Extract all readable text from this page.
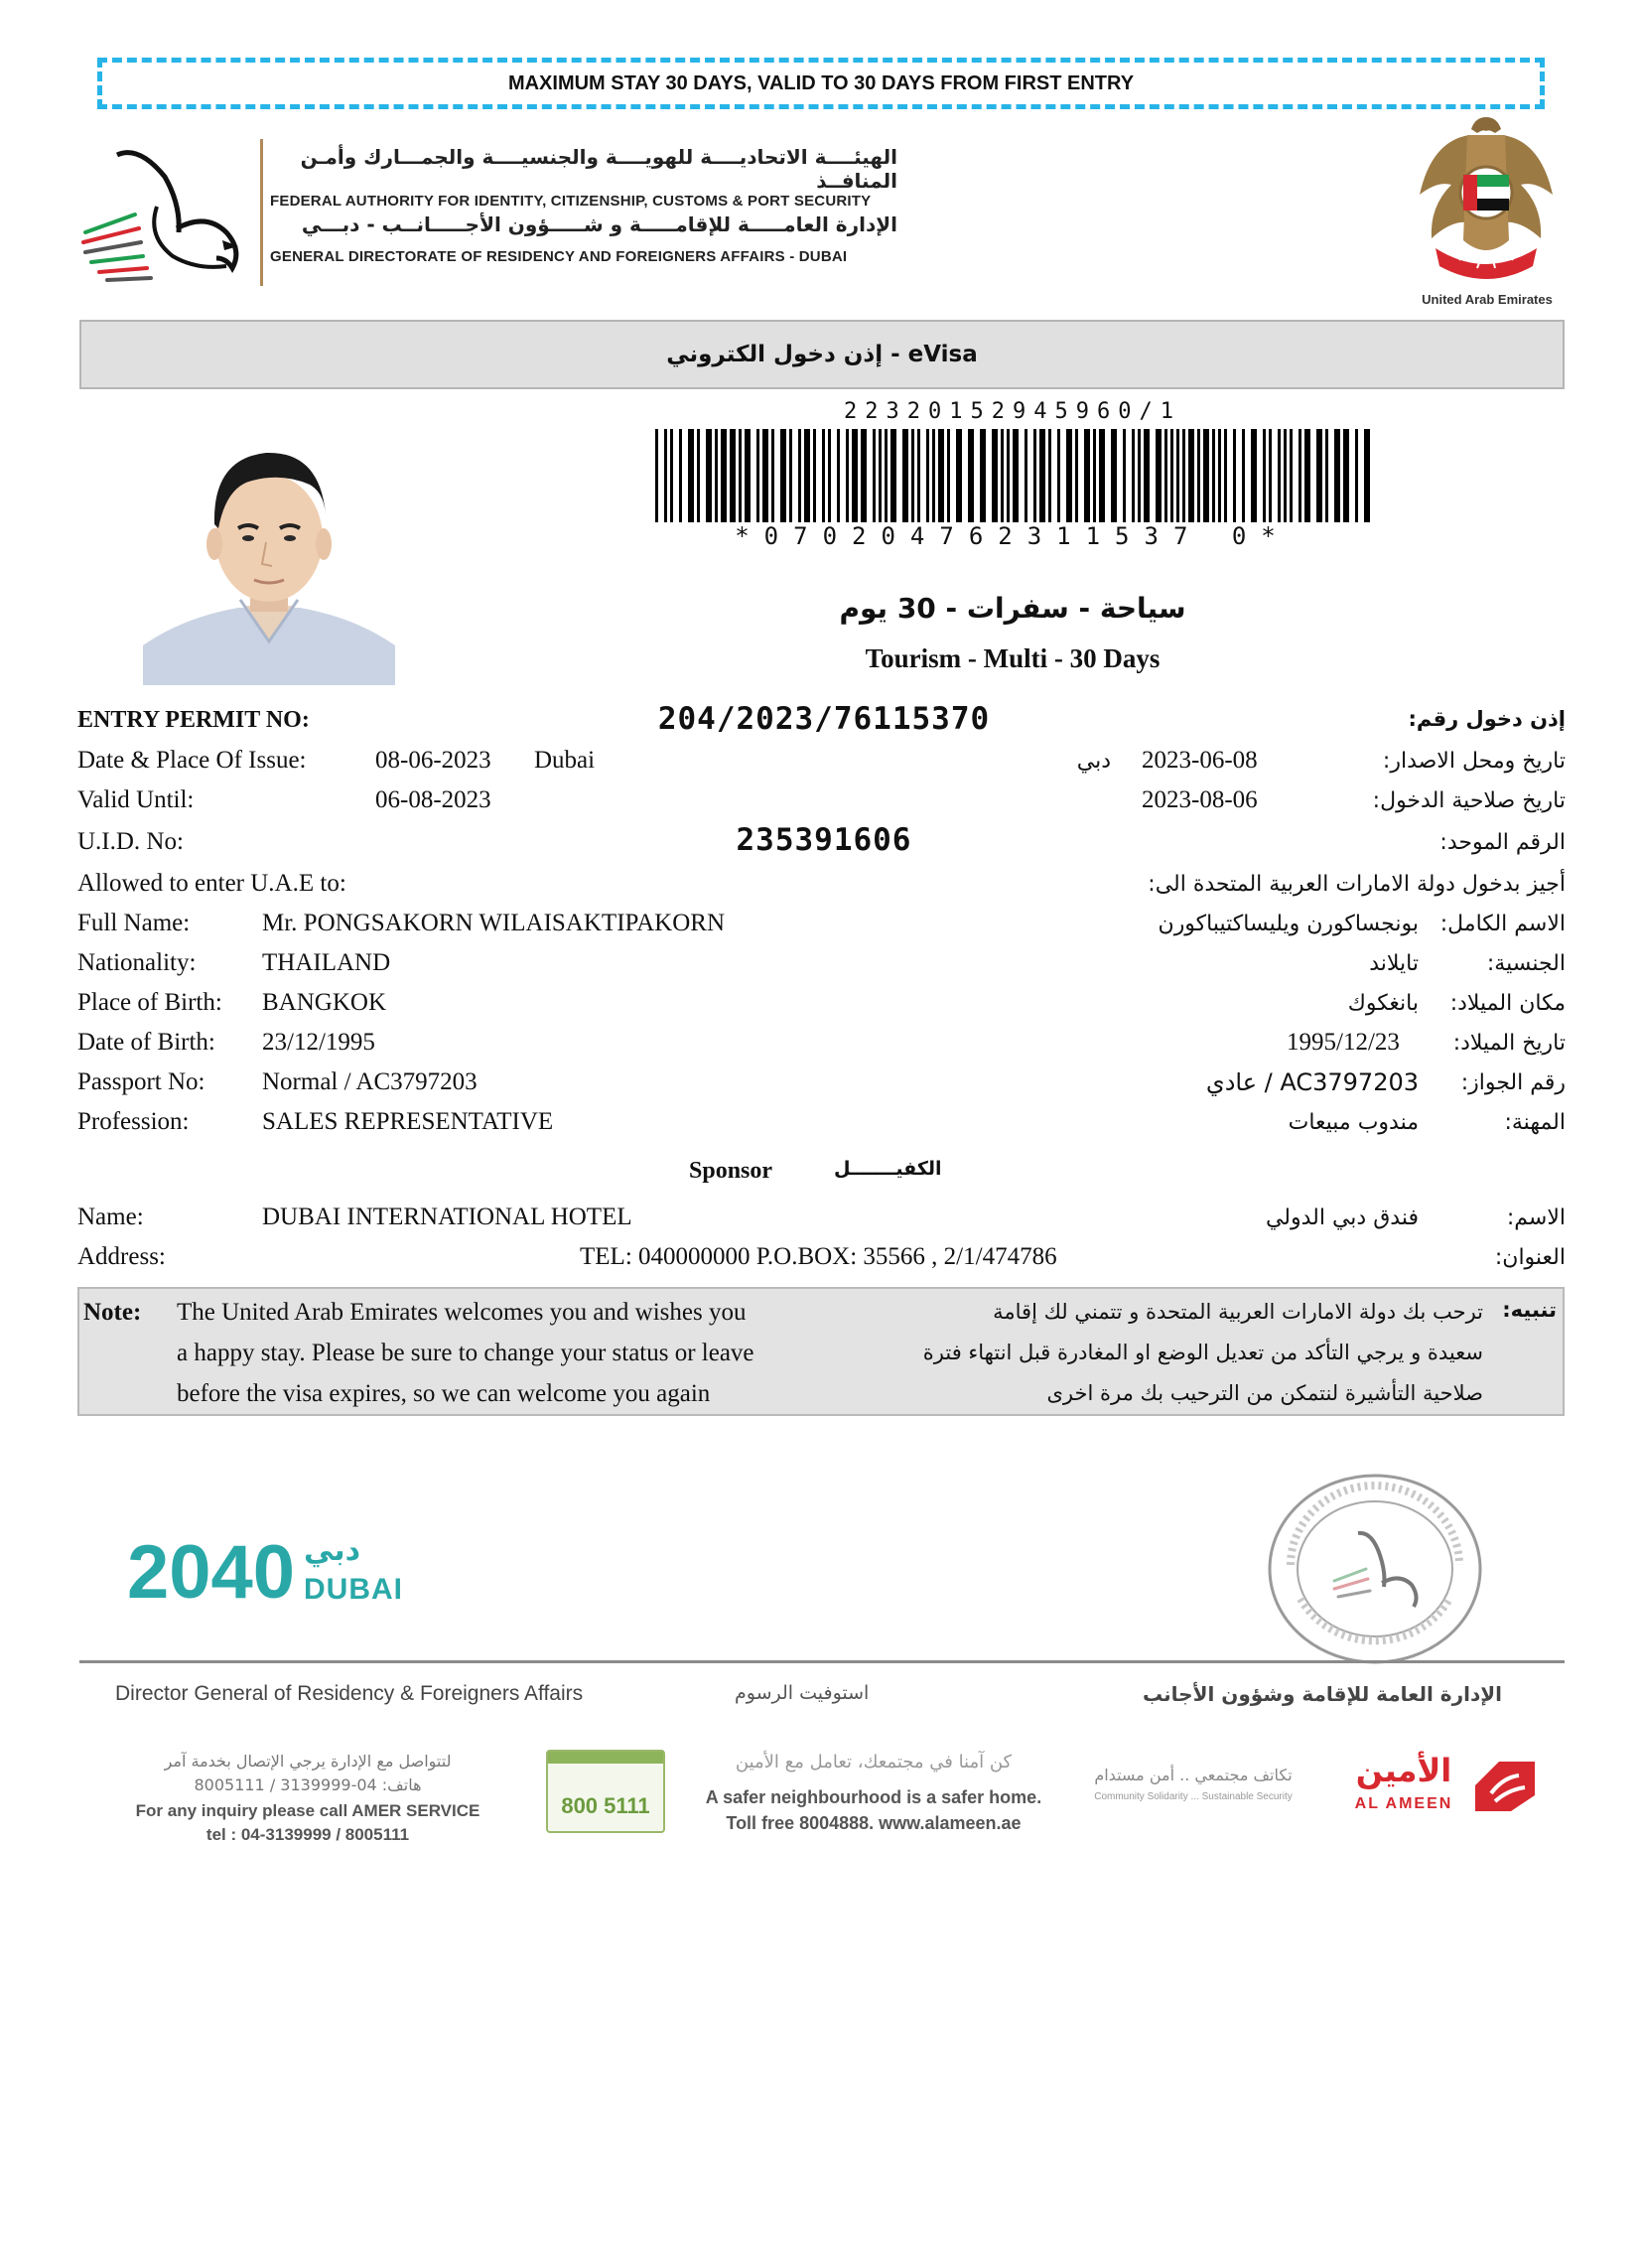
MAXIMUM STAY 30 DAYS, VALID TO 30 DAYS FROM FIRST ENTRY
الهيئــــة الاتحاديــــة للهويــــة والجنسيــــة والجمـــارك وأمـن المنافــذ
FEDERAL AUTHORITY FOR IDENTITY, CITIZENSHIP, CUSTOMS & PORT SECURITY
الإدارة العامـــــة للإقامـــــة و شـــــؤون الأجـــــانــب - دبـــي
GENERAL DIRECTORATE OF RESIDENCY AND FOREIGNERS AFFAIRS - DUBAI
United Arab Emirates
إذن دخول الكتروني - eVisa
22320152945960/1
*070204762311537 0*
سياحة - سفرات - 30 يوم
Tourism - Multi - 30 Days
ENTRY PERMIT NO:	204/2023/76115370	إذن دخول رقم:
Date & Place Of Issue:	08-06-2023 Dubai	دبي 2023-06-08	تاريخ ومحل الاصدار:
Valid Until:	06-08-2023	2023-08-06	تاريخ صلاحية الدخول:
U.I.D. No:	235391606	الرقم الموحد:
Allowed to enter U.A.E to:	أجيز بدخول دولة الامارات العربية المتحدة الى:
Full Name:	Mr. PONGSAKORN WILAISAKTIPAKORN	بونجساكورن ويليساكتيباكورن الاسم الكامل:
Nationality:	THAILAND	تايلاند	الجنسية:
Place of Birth: BANGKOK	بانغكوك مكان الميلاد:
Date of Birth: 23/12/1995	1995/12/23 تاريخ الميلاد:
Passport No: Normal / AC3797203	AC3797203 / عادي رقم الجواز:
Profession:	SALES REPRESENTATIVE	مندوب مبيعات	المهنة:
Sponsor	الكفيـــــــل
Name:	DUBAI INTERNATIONAL HOTEL	فندق دبي الدولي	الاسم:
Address:	TEL: 040000000 P.O.BOX: 35566 , 2/1/474786	العنوان:
Note: The United Arab Emirates welcomes you and wishes you
a happy stay. Please be sure to change your status or leave
before the visa expires, so we can welcome you again
ترحب بك دولة الامارات العربية المتحدة و تتمني لك إقامة
سعيدة و يرجي التأكد من تعديل الوضع او المغادرة قبل انتهاء فترة
صلاحية التأشيرة لنتمكن من الترحيب بك مرة اخرى
تنبيه:
2040 دبي
DUBAI
Director General of Residency & Foreigners Affairs	استوفيت الرسوم	الإدارة العامة للإقامة وشؤون الأجانب
لتتواصل مع الإدارة يرجي الإتصال بخدمة آمر
هاتف: 04-3139999 / 8005111
For any inquiry please call AMER SERVICE
tel : 04-3139999 / 8005111
800 5111
كن آمنا في مجتمعك، تعامل مع الأمين
A safer neighbourhood is a safer home.
Toll free 8004888. www.alameen.ae
تكاتف مجتمعي .. أمن مستدام
Community Solidarity ... Sustainable Security
الأمين
AL AMEEN
